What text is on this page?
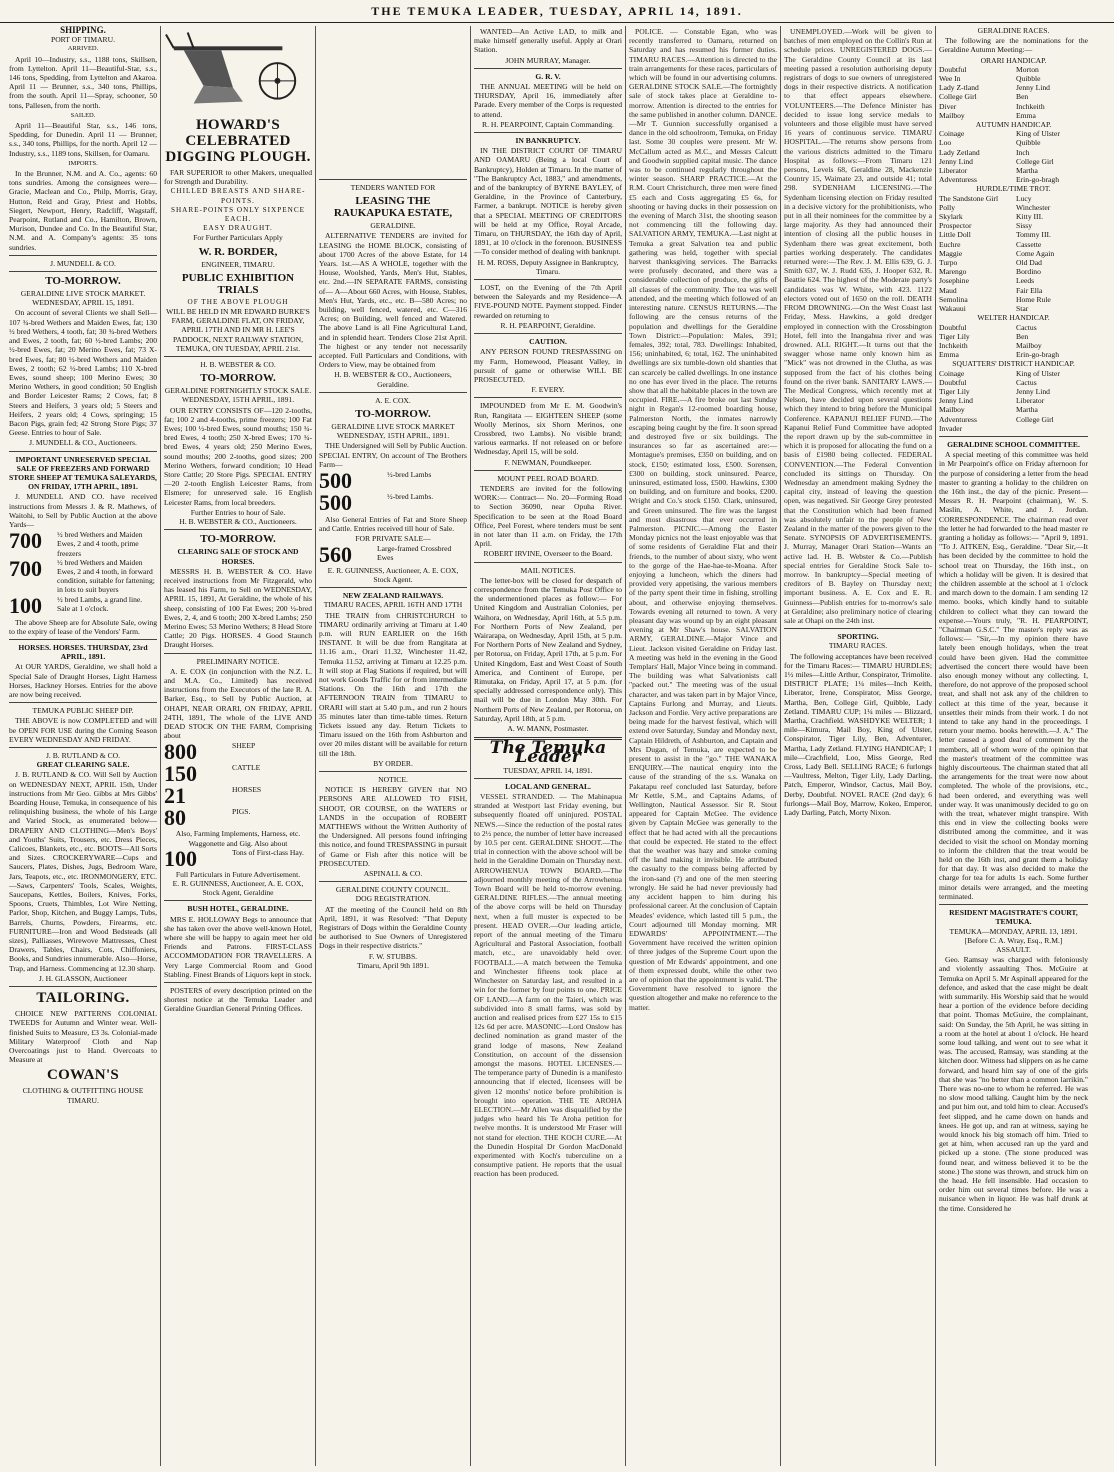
THE TEMUKA LEADER, TUESDAY, APRIL 14, 1891.
SHIPPING.
PORT OF TIMARU.
ARRIVED.
April 10—Industry, s.s., 1188 tons, Skillsen, from Lyttelton. April 11—Beautiful-Star, s.s., 146 tons, Spedding, from Lyttelton and Akaroa. April 11 — Brunner, s.s., 340 tons, Phillips, from the south. April 11—Spray, schooner, 50 tons, Pallesen, from the north.
SAILED.
April 11—Beautiful Star, s.s., 146 tons, Spedding, for Dunedin. April 11 — Brunner, s.s., 340 tons, Phillips, for the north. April 12 — Industry, s.s., 1189 tons, Skillsen, for Oamaru.
IMPORTS.
In the Brunner, N.M. and A. Co., agents: 60 tons sundries. Among the consignees were—Gracie, Maclean and Co., Philp, Morris, Gray, Hutton, Reid and Gray, Priest and Hobbs, Siegert, Newport, Henry, Radcliff, Wagstaff, Pearpoint, Rutland and Co., Hamilton, Brown, Murison, Dundee and Co. In the Beautiful Star, N.M. and A. Company's agents: 35 tons sundries.
J. MUNDELL & CO.
TO-MORROW.
GERALDINE LIVE STOCK MARKET.
WEDNESDAY, APRIL 15, 1891.
On account of several Clients we shall Sell—107 ¾-bred Wethers and Maiden Ewes, fat; 130 ½ bred Wethers, 4 tooth, fat; 30 ¾-bred Wethers and Ewes, 2 tooth, fat; 60 ½-bred Lambs; 200 ½-bred Ewes, fat; 20 Merino Ewes, fat; 73 X-bred Ewes, fat; 80 ½-bred Wethers and Maiden Ewes, 2 tooth; 62 ½-bred Lambs; 110 X-bred Ewes, sound sheep; 100 Merino Ewes; 30 Merino Wethers, in good condition; 50 English and Border Leicester Rams; 2 Cows, fat; 8 Steers and Heifers, 3 years old; 5 Steers and Heifers, 2 years old; 4 Cows, springing; 15 Bacon Pigs, grain fed; 42 Strong Store Pigs; 37 Geese. Entries to hour of Sale.
J. MUNDELL & CO., Auctioneers.
IMPORTANT UNRESERVED SPECIAL SALE OF FREEZERS AND FORWARD STORE SHEEP AT TEMUKA SALEYARDS, ON FRIDAY, 17TH APRIL, 1891.
J. MUNDELL AND CO. have received instructions from Messrs J. & R. Mathews, of Waitohi, to Sell by Public Auction at the above Yards—
700 ½ bred Wethers and Maiden Ewes, 2 and 4 tooth, prime freezers
700 ½ bred Wethers and Maiden Ewes, 2 and 4 tooth, in forward condition, suitable for fattening; in lots to suit buyers
100 ½ bred Lambs, a grand line. Sale at 1 o'clock.
The above Sheep are for Absolute Sale, owing to the expiry of lease of the Vendors' Farm.
HORSES. HORSES. THURSDAY, 23rd APRIL, 1891.
At OUR YARDS, Geraldine, we shall hold a Special Sale of Draught Horses, Light Harness Horses, Hackney Horses. Entries for the above are now being received.
TEMUKA PUBLIC SHEEP DIP.
THE ABOVE is now COMPLETED and will be OPEN FOR USE during the Coming Season EVERY WEDNESDAY AND FRIDAY.
J. B. RUTLAND & CO.
GREAT CLEARING SALE.
J. B. RUTLAND & CO. Will Sell by Auction on WEDNESDAY NEXT, APRIL 15th, Under instructions from Mr Geo. Gibbs at Mrs Gibbs' Boarding House, Temuka, in consequence of his relinquishing business, the whole of his Large and Varied Stock, as enumerated below— DRAPERY AND CLOTHING—Men's Boys' and Youths' Suits, Trousers, etc. Dress Pieces, Calicoes, Blankets, etc., etc. BOOTS—All Sorts and Sizes. CROCKERYWARE—Cups and Saucers, Plates, Dishes, Jugs, Bedroom Ware, Jars, Teapots, etc., etc. IRONMONGERY, ETC.—Saws, Carpenters' Tools, Scales, Weights, Saucepans, Kettles, Boilers, Knives, Forks, Spoons, Cruets, Thimbles, Lot Wire Netting, Parlor, Shop, Kitchen, and Buggy Lamps, Tubs, Barrels, Churns, Powders, Firearms, etc. FURNITURE—Iron and Wood Bedsteads (all sizes), Palliasses, Wirewove Mattresses, Chest Drawers, Tables, Chairs, Cots, Chiffoniers, Books, and Sundries innumerable. Also—Horse, Trap, and Harness. Commencing at 12.30 sharp.
J. H. GLASSON, Auctioneer
TAILORING.
CHOICE NEW PATTERNS COLONIAL TWEEDS for Autumn and Winter wear. Well-finished Suits to Measure, £3 3s. Colonial-made Military Waterproof Cloth and Nap Overcoatings just to Hand. Overcoats to Measure at
COWAN'S
CLOTHING & OUTFITTING HOUSE TIMARU.
HOWARD'S CELEBRATED DIGGING PLOUGH.
FAR SUPERIOR to other Makers, unequalled for Strength and Durability.
CHILLED BREASTS AND SHARE-POINTS.
SHARE-POINTS ONLY SIXPENCE EACH.
EASY DRAUGHT.
For Further Particulars Apply
W. R. BORDER,
ENGINEER, TIMARU.
PUBLIC EXHIBITION TRIALS
OF THE ABOVE PLOUGH
WILL BE HELD IN MR EDWARD BURKE'S FARM, GERALDINE FLAT, ON FRIDAY, APRIL 17TH AND IN MR H. LEE'S PADDOCK, NEXT RAILWAY STATION, TEMUKA, ON TUESDAY, APRIL 21st.
H. B. WEBSTER & CO.
TO-MORROW.
GERALDINE FORTNIGHTLY STOCK SALE.
WEDNESDAY, 15TH APRIL, 1891.
OUR ENTRY CONSISTS OF—120 2-tooths, fat; 100 2 and 4-tooths, prime freezers; 100 Fat Ewes; 100 ½-bred Ewes, sound mouths; 150 ¾-bred Ewes, 4 tooth; 250 X-bred Ewes; 170 ¾-bred Ewes, 4 years old; 250 Merino Ewes, sound mouths; 200 2-tooths, good sizes; 200 Merino Wethers, forward condition; 10 Head Store Cattle; 20 Store Pigs. SPECIAL ENTRY—20 2-tooth English Leicester Rams, from Elsmere; for unreserved sale. 16 English Leicester Rams, from local breeders.
Further Entries to hour of Sale.
H. B. WEBSTER & CO., Auctioneers.
TO-MORROW.
CLEARING SALE OF STOCK AND HORSES.
MESSRS H. B. WEBSTER & CO. Have received instructions from Mr Fitzgerald, who has leased his Farm, to Sell on WEDNESDAY, APRIL 15, 1891, At Geraldine, the whole of his sheep, consisting of 100 Fat Ewes; 200 ½-bred Ewes, 2, 4, and 6 tooth; 200 X-bred Lambs; 250 Merino Ewes; 53 Merino Wethers; 8 Head Store Cattle; 20 Pigs. HORSES. 4 Good Staunch Draught Horses.
PRELIMINARY NOTICE.
A. E. COX (in conjunction with the N.Z. L. and M.A. Co., Limited) has received instructions from the Executors of the late R. A. Barker, Esq., to Sell by Public Auction, at OHAPI, NEAR ORARI, ON FRIDAY, APRIL 24TH, 1891, The whole of the LIVE AND DEAD STOCK ON THE FARM, Comprising about
800	SHEEP
150	CATTLE
21	HORSES
80	PIGS.
Also, Farming Implements, Harness, etc. Waggonette and Gig. Also about
100	Tons of First-class Hay.
Full Particulars in Future Advertisement.
E. R. GUINNESS, Auctioneer, A. E. COX, Stock Agent, Geraldine
BUSH HOTEL, GERALDINE.
MRS E. HOLLOWAY Begs to announce that she has taken over the above well-known Hotel, where she will be happy to again meet her old Friends and Patrons. FIRST-CLASS ACCOMMODATION FOR TRAVELLERS. A Very Large Commercial Room and Good Stabling. Finest Brands of Liquors kept in stock.
POSTERS of every description printed on the shortest notice at the Temuka Leader and Geraldine Guardian General Printing Offices.
TENDERS WANTED FOR
LEASING THE RAUKAPUKA ESTATE,
GERALDINE.
ALTERNATIVE TENDERS are invited for LEASING the HOME BLOCK, consisting of about 1700 Acres of the above Estate, for 14 Years. 1st.—AS A WHOLE, together with the House, Woolshed, Yards, Men's Hut, Stables, etc. 2nd.—IN SEPARATE FARMS, consisting of— A—About 660 Acres, with House, Stables, Men's Hut, Yards, etc., etc. B—580 Acres; no building, well fenced, watered, etc. C—316 Acres; on Building, well fenced and Watered. The above Land is all Fine Agricultural Land, and in splendid heart. Tenders Close 21st April. The highest or any tender not necessarily accepted. Full Particulars and Conditions, with Orders to View, may be obtained from
H. B. WEBSTER & CO., Auctioneers, Geraldine.
A. E. COX.
TO-MORROW.
GERALDINE LIVE STOCK MARKET WEDNESDAY, 15TH APRIL, 1891.
THE Undersigned will Sell by Public Auction. SPECIAL ENTRY, On account of The Brothers Farm—
500	½-bred Lambs
500	½-bred Lambs.
Also General Entries of Fat and Store Sheep and Cattle. Entries received till hour of Sale.
FOR PRIVATE SALE—
560	Large-framed Crossbred Ewes
E. R. GUINNESS, Auctioneer, A. E. COX, Stock Agent.
NEW ZEALAND RAILWAYS.
TIMARU RACES, APRIL 16TH AND 17TH
THE TRAIN from CHRISTCHURCH to TIMARU ordinarily arriving at Timaru at 1.40 p.m. will RUN EARLIER on the 16th INSTANT. It will be due from Rangitata at 11.16 a.m., Orari 11.32, Winchester 11.42, Temuka 11.52, arriving at Timaru at 12.25 p.m. It will stop at Flag Stations if required, but will not work Goods Traffic for or from intermediate Stations. On the 16th and 17th the AFTERNOON TRAIN from TIMARU to ORARI will start at 5.40 p.m., and run 2 hours 35 minutes later than time-table times. Return Tickets issued any day. Return Tickets to Timaru issued on the 16th from Ashburton and over 20 miles distant will be available for return till the 18th.
BY ORDER.
NOTICE.
NOTICE IS HEREBY GIVEN that NO PERSONS ARE ALLOWED TO FISH, SHOOT, OR COURSE, on the WATERS or LANDS in the occupation of ROBERT MATTHEWS without the Written Authority of the Undersigned. All persons found infringing this notice, and found TRESPASSING in pursuit of Game or Fish after this notice will be PROSECUTED.
ASPINALL & CO.
GERALDINE COUNTY COUNCIL.
DOG REGISTRATION.
AT the meeting of the Council held on 8th April, 1891, it was Resolved: "That Deputy Registrars of Dogs within the Geraldine County be authorised to Sue Owners of Unregistered Dogs in their respective districts."
F. W. STUBBS.
Timaru, April 9th 1891.
WANTED—An Active LAD, to milk and make himself generally useful. Apply at Orari Station.
JOHN MURRAY, Manager.
G. R. V.
THE ANNUAL MEETING will be held on THURSDAY, April 16, immediately after Parade. Every member of the Corps is requested to attend.
R. H. PEARPOINT, Captain Commanding.
IN BANKRUPTCY.
IN THE DISTRICT COURT OF TIMARU AND OAMARU (Being a local Court of Bankruptcy), Holden at Timaru. In the matter of "The Bankruptcy Act, 1883," and amendments, and of the bankruptcy of BYRNE BAYLEY, of Geraldine, in the Province of Canterbury, Farmer, a bankrupt. NOTICE is hereby given that a SPECIAL MEETING OF CREDITORS will be held at my Office, Royal Arcade, Timaru, on THURSDAY, the 16th day of April, 1891, at 10 o'clock in the forenoon. BUSINESS—To consider method of dealing with bankrupt.
H. M. ROSS, Deputy Assignee in Bankruptcy, Timaru.
LOST, on the Evening of the 7th April between the Saleyards and my Residence—A FIVE-POUND NOTE. Payment stopped. Finder rewarded on returning to
R. H. PEARPOINT, Geraldine.
CAUTION.
ANY PERSON FOUND TRESPASSING on my Farm, Homewood, Pleasant Valley, in pursuit of game or otherwise WILL BE PROSECUTED.
F. EVERY.
IMPOUNDED from Mr E. M. Goodwin's Run, Rangitata — EIGHTEEN SHEEP (some Woolly Merinos, six Shorn Merinos, one Crossbred, two Lambs). No visible brand; various earmarks. If not released on or before Wednesday, April 15, will be sold.
F. NEWMAN, Poundkeeper.
MOUNT PEEL ROAD BOARD.
TENDERS are invited for the following WORK:— Contract— No. 20—Forming Road to Section 36090, near Opuha River. Specification to be seen at the Road Board Office, Peel Forest, where tenders must be sent in not later than 11 a.m. on Friday, the 17th April.
ROBERT IRVINE, Overseer to the Board.
MAIL NOTICES.
The letter-box will be closed for despatch of correspondence from the Temuka Post Office to the undermentioned places as follow:— For United Kingdom and Australian Colonies, per Waihora, on Wednesday, April 16th, at 5.5 p.m. For Northern Ports of New Zealand, per Wairarapa, on Wednesday, April 15th, at 5 p.m. For Northern Ports of New Zealand and Sydney, per Rotorua, on Friday, April 17th, at 5 p.m. For United Kingdom, East and West Coast of South America, and Continent of Europe, per Rimutaka, on Friday, April 17, at 5 p.m. (for specially addressed correspondence only). This mail will be due in London May 30th. For Northern Ports of New Zealand, per Rotorua, on Saturday, April 18th, at 5 p.m.
A. W. MANN, Postmaster.
The Temuka Leader
TUESDAY, APRIL 14, 1891.
LOCAL AND GENERAL.
VESSEL STRANDED. — The Mahinapua stranded at Westport last Friday evening, but subsequently floated off uninjured. POSTAL NEWS.—Since the reduction of the postal rates to 2½ pence, the number of letter have increased by 10.5 per cent. GERALDINE SHOOT.—The trial in connection with the above school will be held in the Geraldine Domain on Thursday next. ARROWHENUA TOWN BOARD.—The adjourned monthly meeting of the Arrowhenua Town Board will be held to-morrow evening. GERALDINE RIFLES.—The annual meeting of the above corps will be held on Thursday next, when a full muster is expected to be present. HEAD OVER.—Our leading article, report of the annual meeting of the Timaru Agricultural and Pastoral Association, football match, etc., are unavoidably held over. FOOTBALL.—A match between the Temuka and Winchester fifteens took place at Winchester on Saturday last, and resulted in a win for the former by four points to one. PRICE OF LAND.—A farm on the Taieri, which was subdivided into 8 small farms, was sold by auction and realised prices from £27 15s to £15 12s 6d per acre. MASONIC—Lord Onslow has declined nomination as grand master of the grand lodge of masons, New Zealand Constitution, on account of the dissension amongst the masons. HOTEL LICENSES.—The temperance party of Dunedin is a manifesto announcing that if elected, licensees will be given 12 months' notice before prohibition is brought into operation. THE TE AROHA ELECTION.—Mr Allen was disqualified by the judges who heard his Te Aroha petition for twelve months. It is understood Mr Fraser will not stand for election. THE KOCH CURE.—At the Dunedin Hospital Dr Gordon MacDonald experimented with Koch's tuberculine on a consumptive patient. He reports that the usual reaction has been produced.
POLICE. — Constable Egan, who was recently transferred to Oamaru, returned on Saturday and has resumed his former duties. TIMARU RACES.—Attention is directed to the train arrangements for these races, particulars of which will be found in our advertising columns. GERALDINE STOCK SALE.—The fortnightly sale of stock takes place at Geraldine to-morrow. Attention is directed to the entries for the same published in another column. DANCE.—Mr T. Gunnion successfully organised a dance in the old schoolroom, Temuka, on Friday last. Some 30 couples were present. Mr W. McCallum acted as M.C., and Messrs Calcutt and Goodwin supplied capital music. The dance was to be continued regularly throughout the winter season. SHARP PRACTICE.—At the R.M. Court Christchurch, three men were fined £5 each and Costs aggregating £5 6s, for shooting or having ducks in their possession on the evening of March 31st, the shooting season not commencing till the following day. SALVATION ARMY, TEMUKA.—Last night at Temuka a great Salvation tea and public gathering was held, together with special harvest thanksgiving services. The Barracks were profusely decorated, and there was a considerable collection of produce, the gifts of all classes of the community. The tea was well attended, and the meeting which followed of an interesting nature. CENSUS RETURNS.—The following are the census returns of the population and dwellings for the Geraldine Town District:—Population: Males, 391; females, 392; total, 783. Dwellings: Inhabited, 156; uninhabited, 6; total, 162. The uninhabited dwellings are six tumble-down old shanties that can scarcely be called dwellings. In one instance no one has ever lived in the place. The returns show that all the habitable places in the town are occupied. FIRE.—A fire broke out last Sunday night in Regan's 12-roomed boarding house, Palmerston North, the inmates narrowly escaping being caught by the fire. It soon spread and destroyed five or six buildings. The insurances so far as ascertained are:—Montague's premises, £350 on building, and on stock, £150; estimated loss, £500. Sorensen, £300 on building, stock uninsured. Pearce, uninsured, estimated loss, £500. Hawkins, £300 on building, and on furniture and books, £200. Wright and Co.'s stock £150. Clark, uninsured, and Green uninsured. The fire was the largest and most disastrous that ever occurred in Palmerston. PICNIC.—Among the Easter Monday picnics not the least enjoyable was that of some residents of Geraldine Flat and their friends, to the number of about sixty, who went to the gorge of the Hae-hae-te-Moana. After enjoying a luncheon, which the diners had provided very appetising, the various members of the party spent their time in fishing, strolling about, and otherwise enjoying themselves. Towards evening all returned to town. A very pleasant day was wound up by an eight pleasant evening at Mr Shaw's house. SALVATION ARMY, GERALDINE.—Major Vince and Lieut. Jackson visited Geraldine on Friday last. A meeting was held in the evening in the Good Templars' Hall, Major Vince being in command. The building was what Salvationists call "packed out." The meeting was of the usual character, and was taken part in by Major Vince, Captains Furlong and Murray, and Lieuts. Jackson and Fordie. Very active preparations are being made for the harvest festival, which will extend over Saturday, Sunday and Monday next, Captain Hildreth, of Ashburton, and Captain and Mrs Dugan, of Temuka, are expected to be present to assist in the "go." THE WANAKA ENQUIRY.—The nautical enquiry into the cause of the stranding of the s.s. Wanaka on Pakatapu reef concluded last Saturday, before Mr Kettle, S.M., and Captains Adams, of Wellington, Nautical Assessor. Sir R. Stout appeared for Captain McGee. The evidence given by Captain McGee was generally to the effect that he had acted with all the precautions that could be expected. He stated to the effect that the weather was hazy and smoke coming off the land making it invisible. He attributed the casualty to the compass being affected by the iron-sand (?) and one of the men steering wrongly. He said he had never previously had any accident happen to him during his professional career. At the conclusion of Captain Meades' evidence, which lasted till 5 p.m., the Court adjourned till Monday morning. MR EDWARDS' APPOINTMENT.—The Government have received the written opinion of three judges of the Supreme Court upon the question of Mr Edwards' appointment, and one of them expressed doubt, while the other two are of opinion that the appointment is valid. The Government have resolved to ignore the question altogether and make no reference to the matter.
UNEMPLOYED.—Work will be given to batches of men employed on the Collin's Run at schedule prices. UNREGISTERED DOGS.—The Geraldine County Council at its last meeting passed a resolution authorising deputy registrars of dogs to sue owners of unregistered dogs in their respective districts. A notification to that effect appears elsewhere. VOLUNTEERS.—The Defence Minister has decided to issue long service medals to volunteers and those eligible must have served 16 years of continuous service. TIMARU HOSPITAL.—The returns show persons from the various districts admitted to the Timaru Hospital as follows:—From Timaru 121 persons, Levels 68, Geraldine 28, Mackenzie Country 15, Waimate 23, and outside 41; total 298. SYDENHAM LICENSING.—The Sydenham licensing election on Friday resulted in a decisive victory for the prohibitionists, who put in all their nominees for the committee by a large majority. As they had announced their intention of closing all the public houses in Sydenham there was great excitement, both parties working desperately. The candidates returned were:—The Rev. J. M. Ellis 639, G. J. Smith 637, W. J. Rudd 635, J. Hooper 632, R. Beattie 624. The highest of the Moderate party's candidates was W. White, with 423. 1122 electors voted out of 1650 on the roll. DEATH FROM DROWNING.—On the West Coast last Friday, Mess. Hawkins, a gold dredger employed in connection with the Crossbington Hotel, fell into the Inangahua river and was drowned. ALL RIGHT.—It turns out that the swagger whose name only known him as "Mick" was not drowned in the Clutha, as was supposed from the fact of his clothes being found on the river bank. SANITARY LAWS.—The Medical Congress, which recently met at Nelson, have decided upon several questions which they intend to bring before the Municipal Conference. KAPANUI RELIEF FUND.—The Kapanui Relief Fund Committee have adopted the report drawn up by the sub-committee in which it is proposed for allocating the fund on a basis of £1980 being collected. FEDERAL CONVENTION.—The Federal Convention concluded its sittings on Thursday. On Wednesday an amendment making Sydney the capital city, instead of leaving the question open, was negatived. Sir George Grey protested that the Constitution which had been framed was absolutely unfair to the people of New Zealand in the matter of the powers given to the Senate. SYNOPSIS OF ADVERTISEMENTS. J. Murray, Manager Orari Station—Wants an active lad. H. B. Webster & Co.—Publish special entries for Geraldine Stock Sale to-morrow. In bankruptcy—Special meeting of creditors of B. Bayley on Thursday next; important business. A. E. Cox and E. R. Guinness—Publish entries for to-morrow's sale at Geraldine; also preliminary notice of clearing sale at Ohapi on the 24th inst.
SPORTING.
TIMARU RACES.
The following acceptances have been received for the Timaru Races:— TIMARU HURDLES; 1½ miles—Little Arthur, Conspirator, Trimolite. DISTRICT PLATE; 1¼ miles—Inch Keith, Liberator, Irene, Conspirator, Miss George, Martha, Ben, College Girl, Quibble, Lady Zetland. TIMARU CUP; 1¼ miles — Blizzard, Martha, Crachfield. WASHDYKE WELTER; 1 mile—Kimura, Mail Boy, King of Ulster, Conspirator, Tiger Lily, Ben, Adventurer, Martha, Lady Zetland. FLYING HANDICAP; 1 mile—Crachfield, Loo, Miss George, Red Cross, Lady Bell. SELLING RACE; 6 furlongs—Vaultress, Melton, Tiger Lily, Lady Darling, Patch, Emperor, Windsor, Cactus, Mail Boy, Derby, Doubtful. NOVEL RACE (2nd day); 6 furlongs—Mail Boy, Marrow, Kokeo, Emperor, Lady Darling, Patch, Morty Nixon.
GERALDINE RACES.
The following are the nominations for the Geraldine Autumn Meeting:—
ORARI HANDICAP.
Doubtful	Morton
Wee In	Quibble
Lady Z-tland	Jenny Lind
College Girl	Ben
Diver	Inchkeith
Mailboy	Emma
AUTUMN HANDICAP.
Coinage	King of Ulster
Loo	Quibble
Lady Zetland	Inch
Jenny Lind	College Girl
Liberator	Martha
Adventuress	Erin-go-bragh
HURDLE/TIME TROT.
The Sandstone Girl	Lucy
Polly	Winchester
Skylark	Kitty III.
Prospector	Sissy
Little Doll	Tommy III.
Euchre	Cassette
Maggie	Come Again
Turpo	Old Dad
Marengo	Bordino
Josephine	Leeds
Maud	Fair Ella
Semolina	Home Rule
Wakauui	Star
WELTER HANDICAP.
Doubtful	Cactus
Tiger Lily	Ben
Inchkeith	Mailboy
Emma	Erin-go-bragh
SQUATTERS' DISTRICT HANDICAP.
Coinage	King of Ulster
Doubtful	Cactus
Tiger Lily	Jenny Lind
Jenny Lind	Liberator
Mailboy	Martha
Adventuress	College Girl
Invader
GERALDINE SCHOOL COMMITTEE.
A special meeting of this committee was held in Mr Pearpoint's office on Friday afternoon for the purpose of considering a letter from the head master to granting a holiday to the children on the 16th inst., the day of the picnic. Present—Messrs R. H. Pearpoint (chairman), W. S. Maslin, A. White, and J. Jordan. CORRESPONDENCE. The chairman read over the letter he had forwarded to the head master re granting a holiday as follows:— "April 9, 1891. "To J. AITKEN, Esq., Geraldine. "Dear Sir,—It has been decided by the committee to hold the school treat on Thursday, the 16th inst., on which a holiday will be given. It is desired that the children assemble at the school at 1 o'clock and march down to the domain. I am sending 12 memo. books, which kindly hand to suitable children to collect what they can toward the expense.—Yours truly, "R. H. PEARPOINT, "Chairman G.S.C." The master's reply was as follows:— "Sir,—In my opinion there have lately been enough holidays, when the treat could have been given. Had the committee advertised the concert there would have been also enough money without any collecting. I, therefore, do not approve of the proposed school treat, and shall not ask any of the children to collect at this time of the year, because it unsettles their minds from their work. I do not intend to take any hand in the proceedings. I return your memo. books herewith.—J. A." The letter caused a good deal of comment by the members, all of whom were of the opinion that the master's treatment of the committee was highly discourteous. The chairman stated that all the arrangements for the treat were now about completed. The whole of the provisions, etc., had been ordered, and everything was well under way. It was unanimously decided to go on with the treat, whatever might transpire. With this end in view the collecting books were distributed among the committee, and it was decided to visit the school on Monday morning to inform the children that the treat would be held on the 16th inst, and grant them a holiday for that day. It was also decided to make the charge for tea for adults 1s each. Some further minor details were arranged, and the meeting terminated.
RESIDENT MAGISTRATE'S COURT, TEMUKA.
TEMUKA—MONDAY, APRIL 13, 1891.
[Before C. A. Wray, Esq., R.M.]
ASSAULT.
Geo. Ramsay was charged with feloniously and violently assaulting Thos. McGuire at Temuka on April 5. Mr Aspinall appeared for the defence, and asked that the case might be dealt with summarily. His Worship said that he would hear a portion of the evidence before deciding that point. Thomas McGuire, the complainant, said: On Sunday, the 5th April, he was sitting in a room at the hotel at about 1 o'clock. He heard some loud talking, and went out to see what it was. The accused, Ramsay, was standing at the kitchen door. Witness had slippers on as he came forward, and heard him say of one of the girls that she was "no better than a common larrikin." There was no-one to whom he referred. He was no slow mood talking. Caught him by the neck and put him out, and told him to clear. Accused's feet slipped, and he came down on hands and knees. He got up, and ran at witness, saying he would knock his big stomach off him. Tried to get at him, when accused ran up the yard and picked up a stone. (The stone produced was found near, and witness believed it to be the stone.) The stone was thrown, and struck him on the head. He fell insensible. Had occasion to order him out several times before. He was a nuisance when in liquor. He was half drunk at the time. Considered he
